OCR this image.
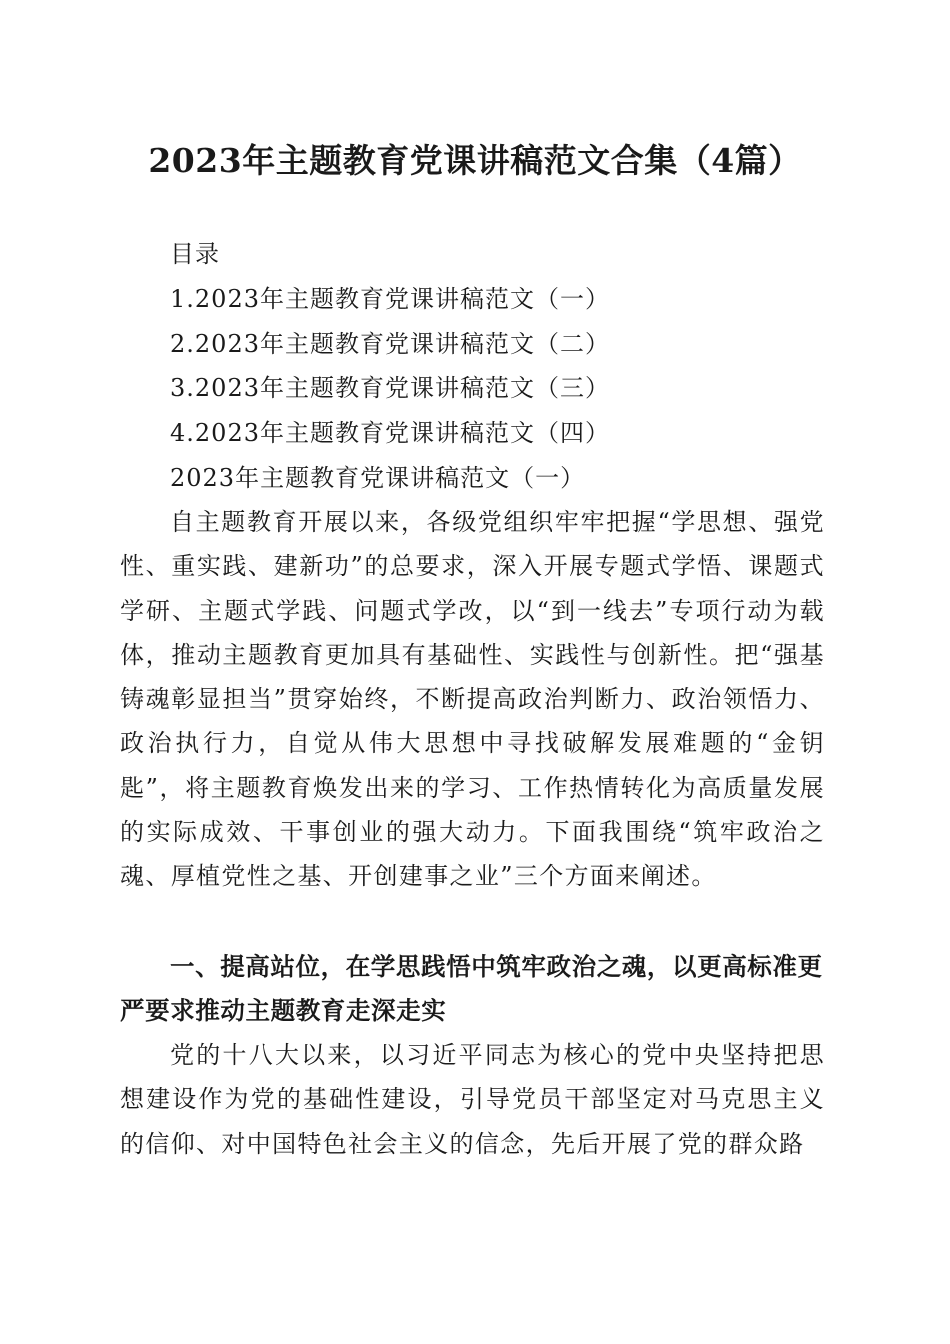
2023年主题教育党课讲稿范文合集（4篇）
目录
1.2023年主题教育党课讲稿范文（一）
2.2023年主题教育党课讲稿范文（二）
3.2023年主题教育党课讲稿范文（三）
4.2023年主题教育党课讲稿范文（四）
2023年主题教育党课讲稿范文（一）

自主题教育开展以来，各级党组织牢牢把握“学思想、强党性、重实践、建新功”的总要求，深入开展专题式学悟、课题式学研、主题式学践、问题式学改，以“到一线去”专项行动为载体，推动主题教育更加具有基础性、实践性与创新性。把“强基铸魂彰显担当”贯穿始终，不断提高政治判断力、政治领悟力、政治执行力，自觉从伟大思想中寻找破解发展难题的“金钥匙”，将主题教育焕发出来的学习、工作热情转化为高质量发展的实际成效、干事创业的强大动力。下面我围绕“筑牢政治之魂、厚植党性之基、开创建事之业”三个方面来阐述。

一、提高站位，在学思践悟中筑牢政治之魂，以更高标准更严要求推动主题教育走深走实

党的十八大以来，以习近平同志为核心的党中央坚持把思想建设作为党的基础性建设，引导党员干部坚定对马克思主义的信仰、对中国特色社会主义的信念，先后开展了党的群众路
